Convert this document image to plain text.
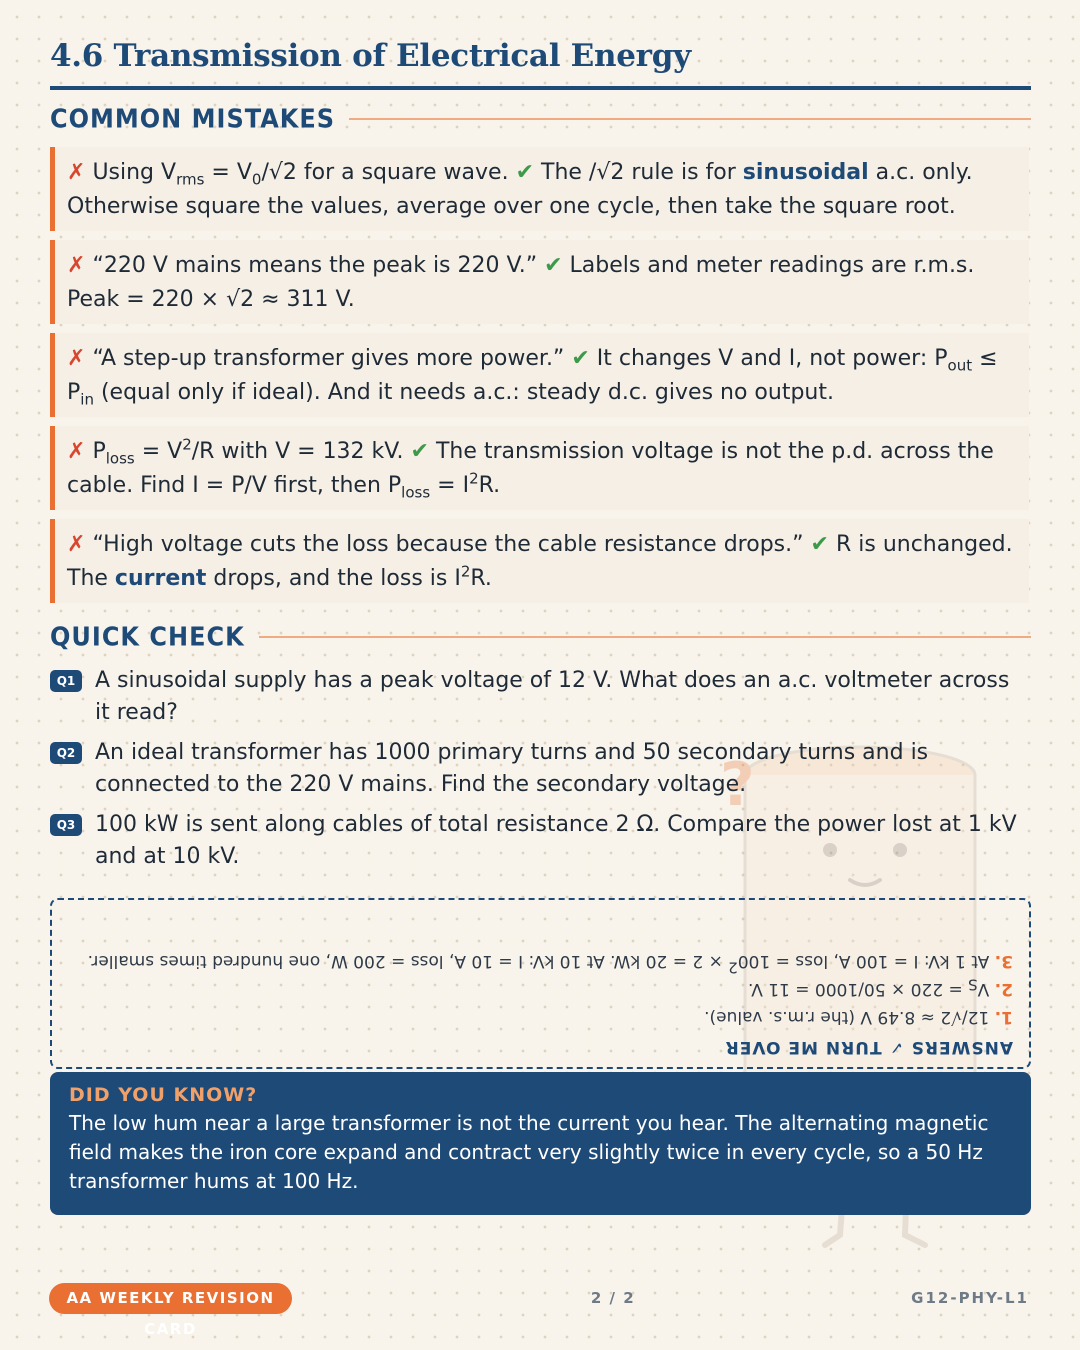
4.6 Transmission of Electrical Energy
?
COMMON MISTAKES
✗ Using $V_{rms} = V_0/√2$ for a square wave. ✔ The /√2 rule is for sinusoidal a.c. only. Otherwise square the values, average over one cycle, then take the square root.
✗ “220 V mains means the peak is 220 V.” ✔ Labels and meter readings are r.m.s. Peak = 220 × √2 ≈ 311 V.
✗ “A step-up transformer gives more power.” ✔ It changes V and I, not power: $P_{out} \le P_{in}$ (equal only if ideal). And it needs a.c.: steady d.c. gives no output.
✗ $P_{loss} = V^2/R$ with V = 132 kV. ✔ The transmission voltage is not the p.d. across the cable. Find I = P/V first, then $P_{loss} = I^2R$.
✗ “High voltage cuts the loss because the cable resistance drops.” ✔ R is unchanged. The current drops, and the loss is $I^2R$.
QUICK CHECK
Q1 A sinusoidal supply has a peak voltage of 12 V. What does an a.c. voltmeter across it read?
Q2 An ideal transformer has 1000 primary turns and 50 secondary turns and is connected to the 220 V mains. Find the secondary voltage.
Q3 100 kW is sent along cables of total resistance 2 Ω. Compare the power lost at 1 kV and at 10 kV.
ANSWERS ✓ TURN ME OVER
1. 12/√2 ≈ 8.49 V (the r.m.s. value).
2. $V_S = 220 \times 50/1000 = 11$ V.
3. At 1 kV: I = 100 A, loss = $100^2 \times 2 = 20$ kW. At 10 kV: I = 10 A, loss = 200 W, one hundred times smaller.
DID YOU KNOW?
The low hum near a large transformer is not the current you hear. The alternating magnetic field makes the iron core expand and contract very slightly twice in every cycle, so a 50 Hz transformer hums at 100 Hz.
AA WEEKLY REVISION CARD
2 / 2	G12-PHY-L1
